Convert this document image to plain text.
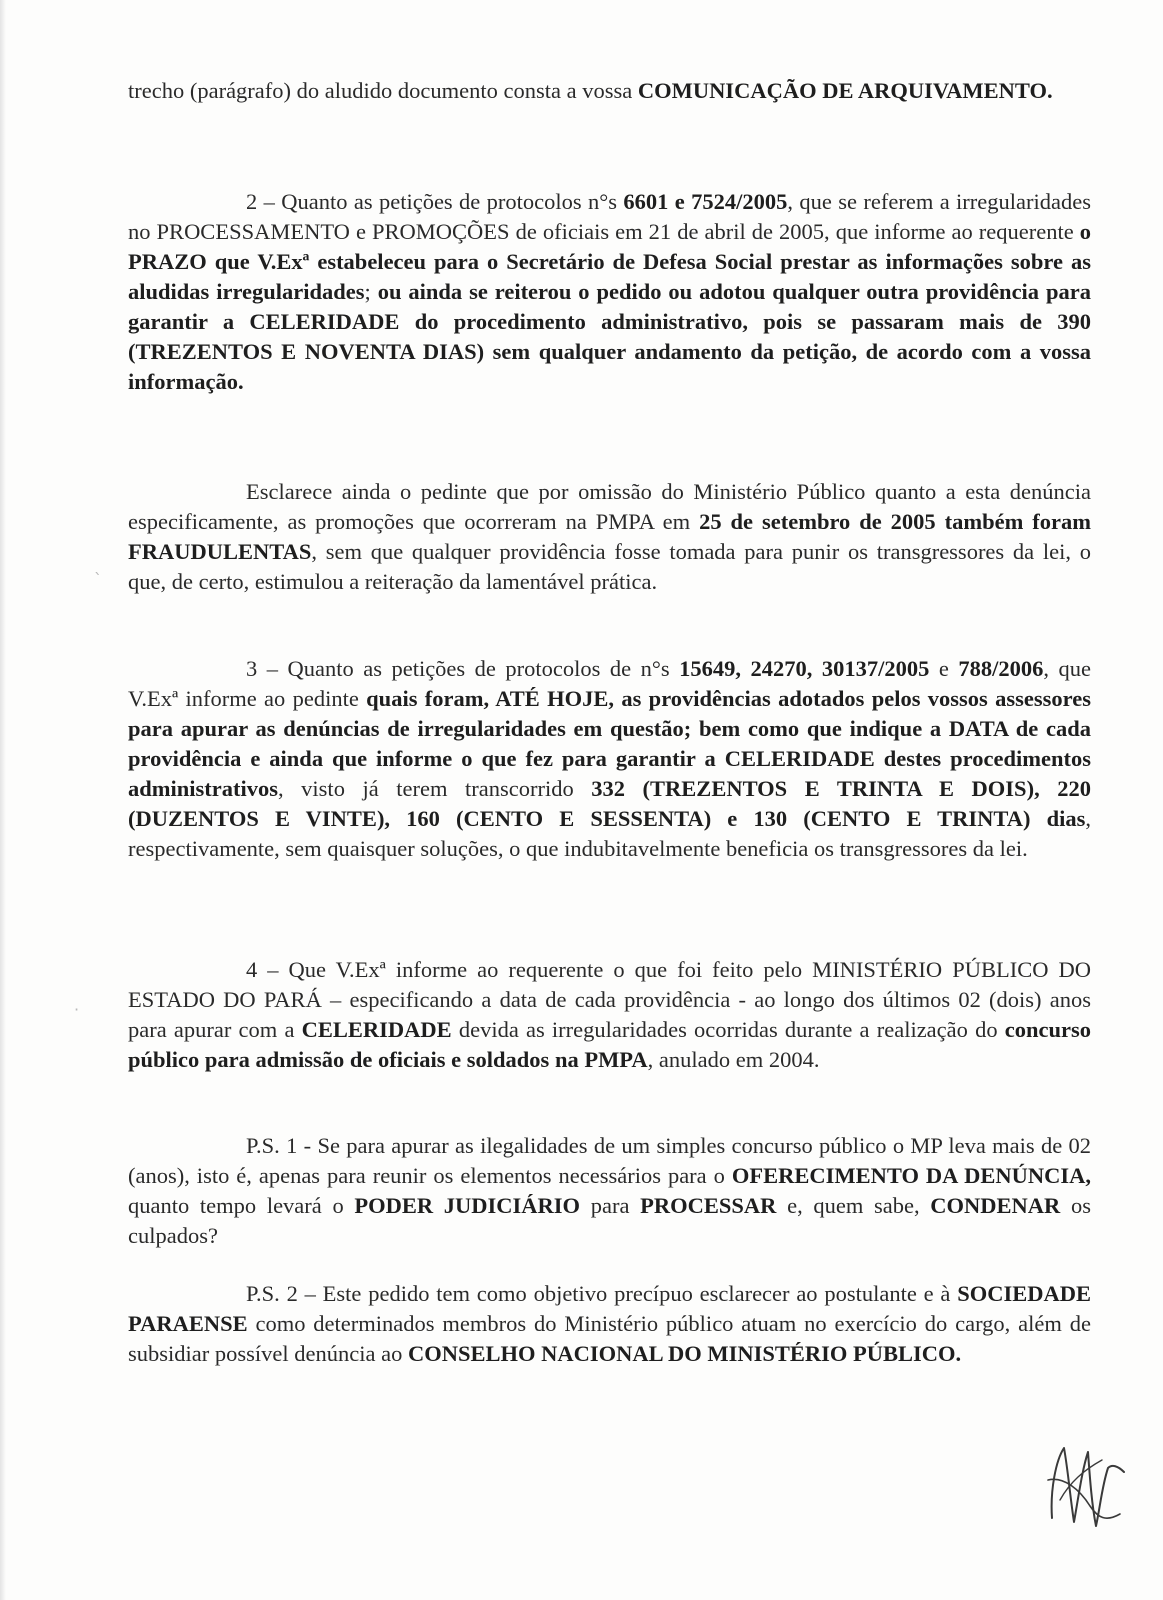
trecho (parágrafo) do aludido documento consta a vossa COMUNICAÇÃO DE ARQUIVAMENTO.

2 – Quanto as petições de protocolos n°s 6601 e 7524/2005, que se referem a irregularidades no PROCESSAMENTO e PROMOÇÕES de oficiais em 21 de abril de 2005, que informe ao requerente o PRAZO que V.Exª estabeleceu para o Secretário de Defesa Social prestar as informações sobre as aludidas irregularidades; ou ainda se reiterou o pedido ou adotou qualquer outra providência para garantir a CELERIDADE do procedimento administrativo, pois se passaram mais de 390 (TREZENTOS E NOVENTA DIAS) sem qualquer andamento da petição, de acordo com a vossa informação.

Esclarece ainda o pedinte que por omissão do Ministério Público quanto a esta denúncia especificamente, as promoções que ocorreram na PMPA em 25 de setembro de 2005 também foram FRAUDULENTAS, sem que qualquer providência fosse tomada para punir os transgressores da lei, o que, de certo, estimulou a reiteração da lamentável prática.

3 – Quanto as petições de protocolos de n°s 15649, 24270, 30137/2005 e 788/2006, que V.Exª informe ao pedinte quais foram, ATÉ HOJE, as providências adotados pelos vossos assessores para apurar as denúncias de irregularidades em questão; bem como que indique a DATA de cada providência e ainda que informe o que fez para garantir a CELERIDADE destes procedimentos administrativos, visto já terem transcorrido 332 (TREZENTOS E TRINTA E DOIS), 220 (DUZENTOS E VINTE), 160 (CENTO E SESSENTA) e 130 (CENTO E TRINTA) dias, respectivamente, sem quaisquer soluções, o que indubitavelmente beneficia os transgressores da lei.

4 – Que V.Exª informe ao requerente o que foi feito pelo MINISTÉRIO PÚBLICO DO ESTADO DO PARÁ – especificando a data de cada providência - ao longo dos últimos 02 (dois) anos para apurar com a CELERIDADE devida as irregularidades ocorridas durante a realização do concurso público para admissão de oficiais e soldados na PMPA, anulado em 2004.

P.S. 1 - Se para apurar as ilegalidades de um simples concurso público o MP leva mais de 02 (anos), isto é, apenas para reunir os elementos necessários para o OFERECIMENTO DA DENÚNCIA, quanto tempo levará o PODER JUDICIÁRIO para PROCESSAR e, quem sabe, CONDENAR os culpados?

P.S. 2 – Este pedido tem como objetivo precípuo esclarecer ao postulante e à SOCIEDADE PARAENSE como determinados membros do Ministério público atuam no exercício do cargo, além de subsidiar possível denúncia ao CONSELHO NACIONAL DO MINISTÉRIO PÚBLICO.

`
·
